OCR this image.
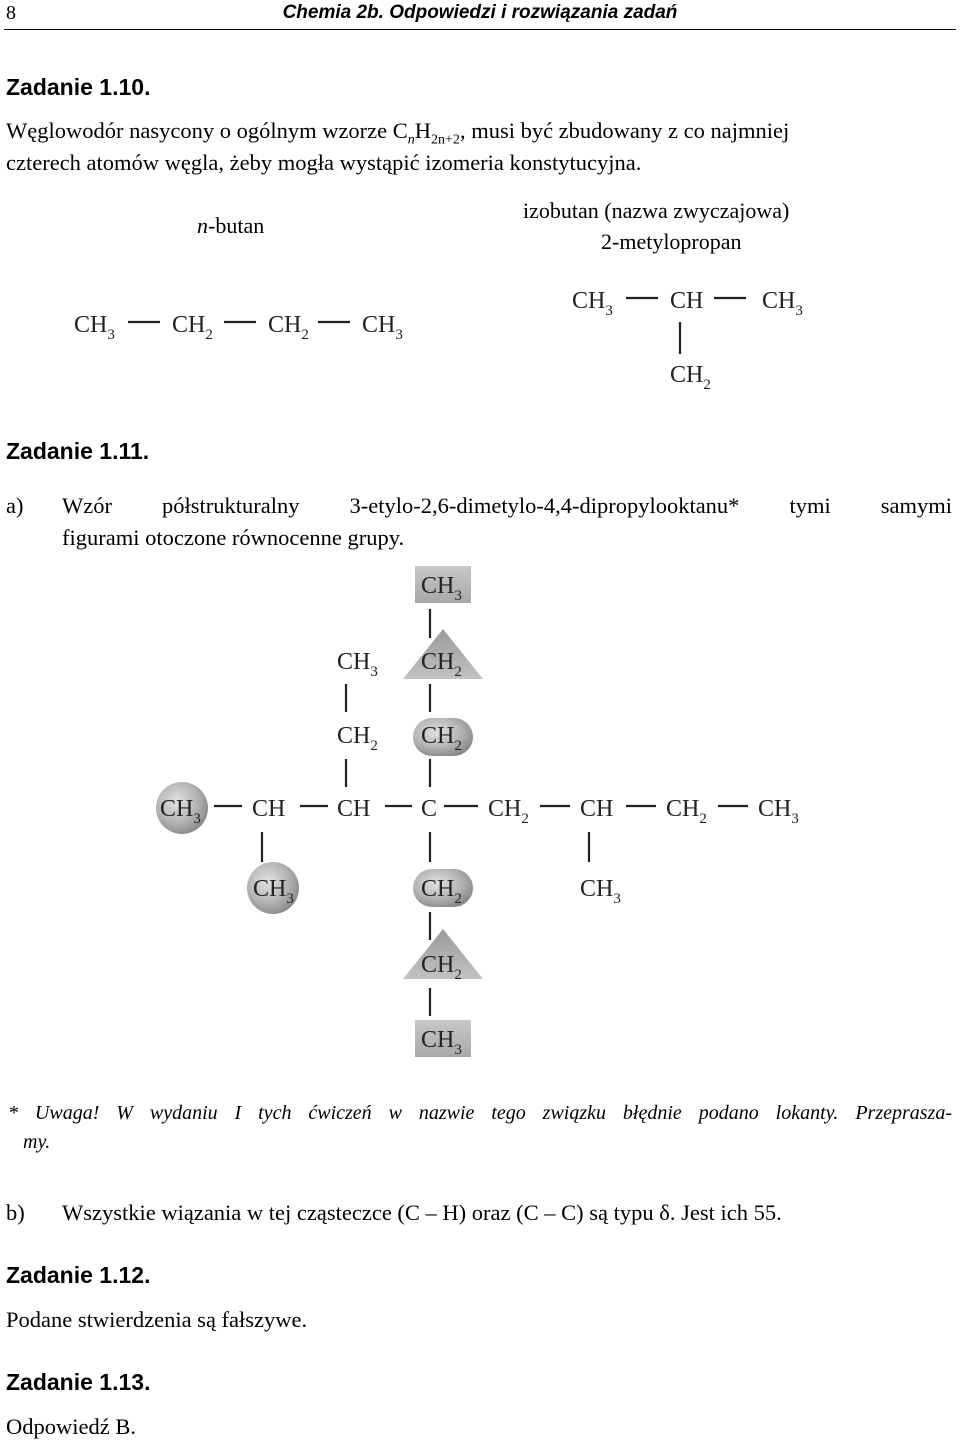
8	Chemia 2b. Odpowiedzi i rozwiązania zadań
Zadanie 1.10.
Węglowodór nasycony o ogólnym wzorze $C_nH_{2n+2}$, musi być zbudowany z co najmniej
czterech atomów węgla, żeby mogła wystąpić izomeria konstytucyjna.
n-butan
izobutan (nazwa zwyczajowa)
2-metylopropan
$CH_3$ $CH_2$ $CH_2$ $CH_3$
$CH_3$ CH $CH_3$
$CH_2$
$CH_3$
$CH_2$
$CH_2$
$CH_3$
$CH_2$
$CH_3$ CH CH C $CH_2$ CH $CH_2$ $CH_3$
$CH_3$	$CH_3$
$CH_2$
$CH_2$
$CH_3$
Zadanie 1.11.
a) Wzór półstrukturalny 3-etylo-2,6-dimetylo-4,4-dipropylooktanu* tymi samymi
figurami otoczone równocenne grupy.
* Uwaga! W wydaniu I tych ćwiczeń w nazwie tego związku błędnie podano lokanty. Przeprasza-
my.
b) Wszystkie wiązania w tej cząsteczce (C – H) oraz (C – C) są typu δ. Jest ich 55.
Zadanie 1.12.
Podane stwierdzenia są fałszywe.
Zadanie 1.13.
Odpowiedź B.
